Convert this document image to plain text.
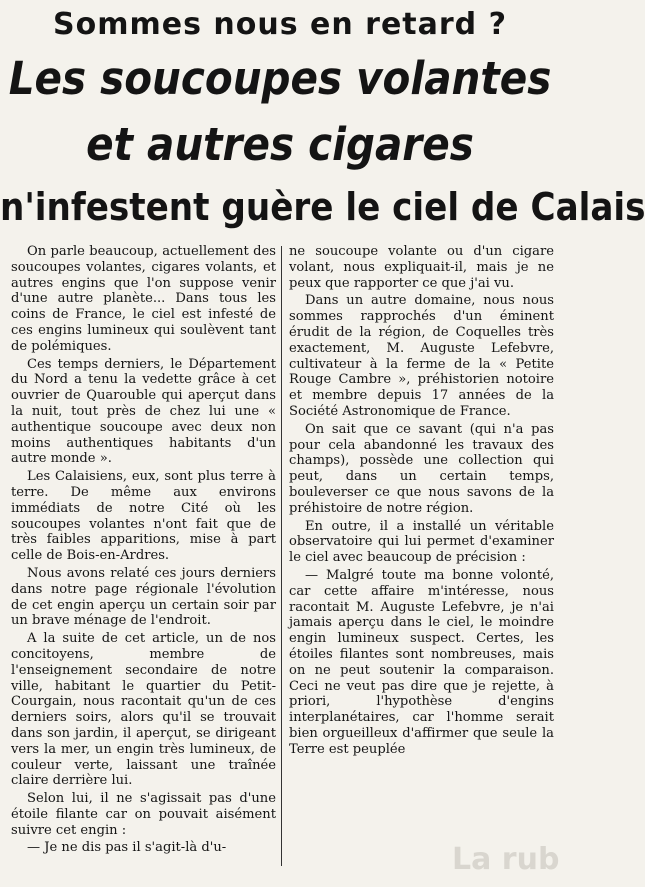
Sommes nous en retard ?
Les soucoupes volantes
et autres cigares
n'infestent guère le ciel de Calais

On parle beaucoup, actuellement des soucoupes volantes, cigares volants, et autres engins que l'on suppose venir d'une autre planète... Dans tous les coins de France, le ciel est infesté de ces engins lumineux qui soulèvent tant de polémiques.

Ces temps derniers, le Département du Nord a tenu la vedette grâce à cet ouvrier de Quarouble qui aperçut dans la nuit, tout près de chez lui une « authentique soucoupe avec deux non moins authentiques habitants d'un autre monde ».

Les Calaisiens, eux, sont plus terre à terre. De même aux environs immédiats de notre Cité où les soucoupes volantes n'ont fait que de très faibles apparitions, mise à part celle de Bois-en-Ardres.

Nous avons relaté ces jours derniers dans notre page régionale l'évolution de cet engin aperçu un certain soir par un brave ménage de l'endroit.

A la suite de cet article, un de nos concitoyens, membre de l'enseignement secondaire de notre ville, habitant le quartier du Petit-Courgain, nous racontait qu'un de ces derniers soirs, alors qu'il se trouvait dans son jardin, il aperçut, se dirigeant vers la mer, un engin très lumineux, de couleur verte, laissant une traînée claire derrière lui.

Selon lui, il ne s'agissait pas d'une étoile filante car on pouvait aisément suivre cet engin :

— Je ne dis pas il s'agit-là d'u-

ne soucoupe volante ou d'un cigare volant, nous expliquait-il, mais je ne peux que rapporter ce que j'ai vu.

Dans un autre domaine, nous nous sommes rapprochés d'un éminent érudit de la région, de Coquelles très exactement, M. Auguste Lefebvre, cultivateur à la ferme de la « Petite Rouge Cambre », préhistorien notoire et membre depuis 17 années de la Société Astronomique de France.

On sait que ce savant (qui n'a pas pour cela abandonné les travaux des champs), possède une collection qui peut, dans un certain temps, bouleverser ce que nous savons de la préhistoire de notre région.

En outre, il a installé un véritable observatoire qui lui permet d'examiner le ciel avec beaucoup de précision :

— Malgré toute ma bonne volonté, car cette affaire m'intéresse, nous racontait M. Auguste Lefebvre, je n'ai jamais aperçu dans le ciel, le moindre engin lumineux suspect. Certes, les étoiles filantes sont nombreuses, mais on ne peut soutenir la comparaison. Ceci ne veut pas dire que je rejette, à priori, l'hypothèse d'engins interplanétaires, car l'homme serait bien orgueilleux d'affirmer que seule la Terre est peuplée

La rub
